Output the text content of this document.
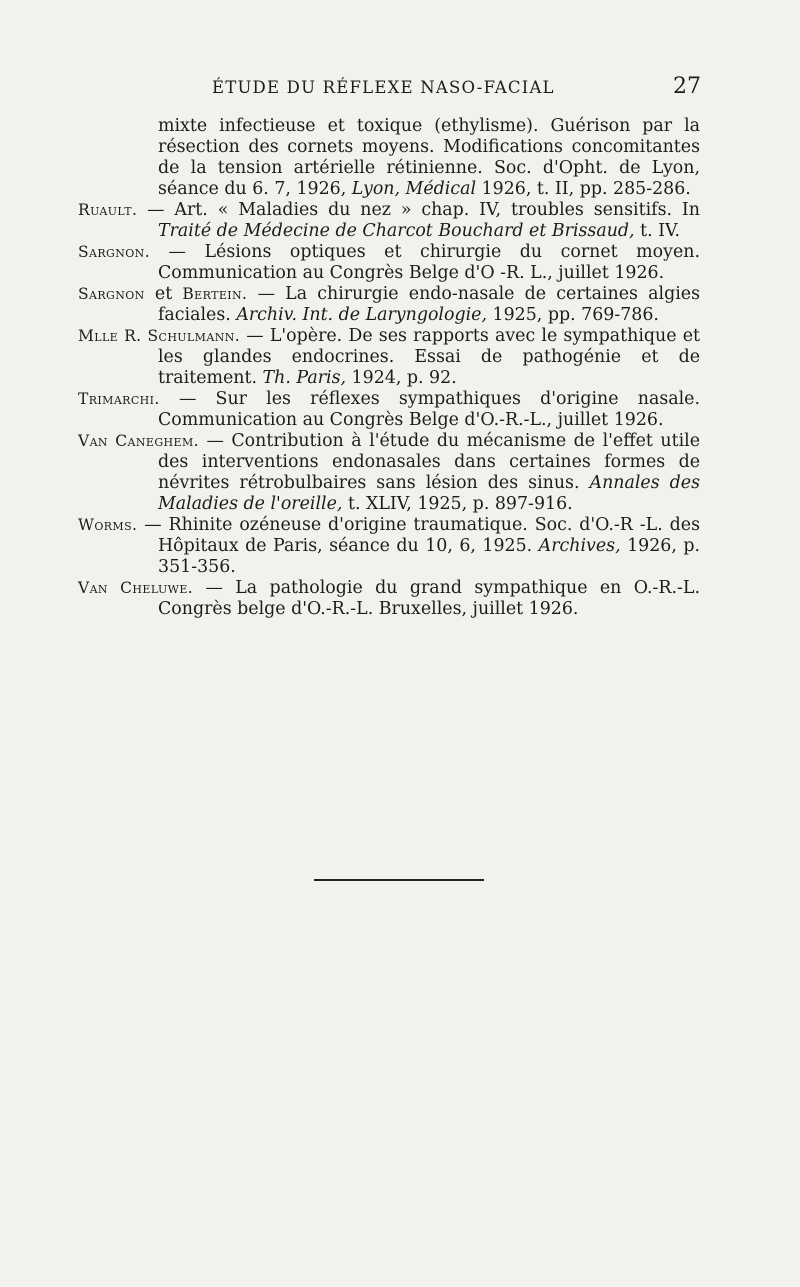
ÉTUDE DU RÉFLEXE NASO-FACIAL	27
mixte infectieuse et toxique (ethylisme). Guérison par la résection des cornets moyens. Modifications concomitantes de la tension artérielle rétinienne. Soc. d'Opht. de Lyon, séance du 6. 7, 1926, Lyon, Médical 1926, t. II, pp. 285-286.
Ruault. — Art. « Maladies du nez » chap. IV, troubles sensitifs. In Traité de Médecine de Charcot Bouchard et Brissaud, t. IV.
Sargnon. — Lésions optiques et chirurgie du cornet moyen. Communication au Congrès Belge d'O -R. L., juillet 1926.
Sargnon et Bertein. — La chirurgie endo-nasale de certaines algies faciales. Archiv. Int. de Laryngologie, 1925, pp. 769-786.
Mlle R. Schulmann. — L'opère. De ses rapports avec le sympathique et les glandes endocrines. Essai de pathogénie et de traitement. Th. Paris, 1924, p. 92.
Trimarchi. — Sur les réflexes sympathiques d'origine nasale. Communication au Congrès Belge d'O.-R.-L., juillet 1926.
Van Caneghem. — Contribution à l'étude du mécanisme de l'effet utile des interventions endonasales dans certaines formes de névrites rétrobulbaires sans lésion des sinus. Annales des Maladies de l'oreille, t. XLIV, 1925, p. 897-916.
Worms. — Rhinite ozéneuse d'origine traumatique. Soc. d'O.-R -L. des Hôpitaux de Paris, séance du 10, 6, 1925. Archives, 1926, p. 351-356.
Van Cheluwe. — La pathologie du grand sympathique en O.-R.-L. Congrès belge d'O.-R.-L. Bruxelles, juillet 1926.
